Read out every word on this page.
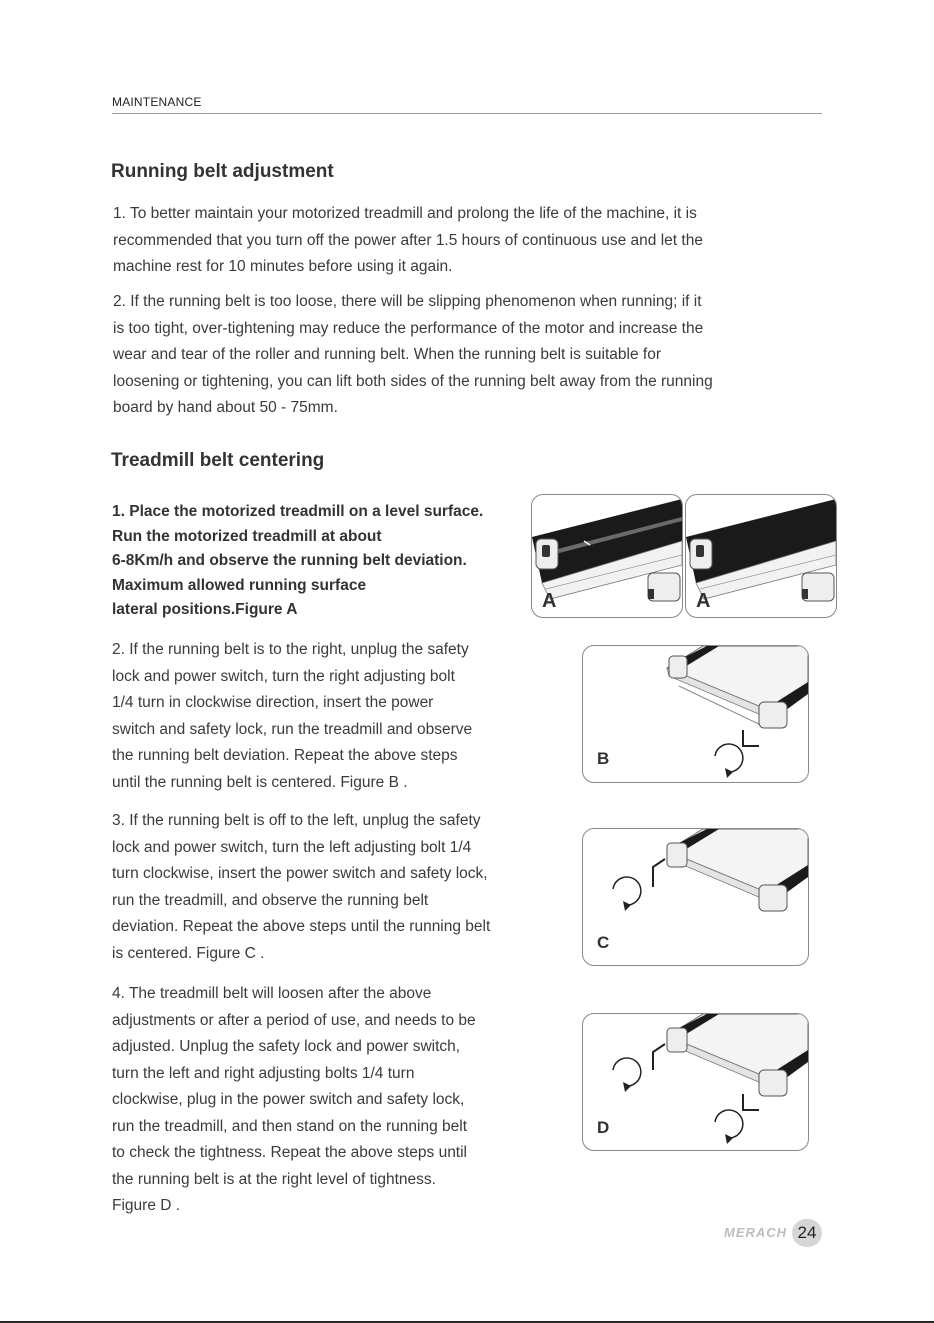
MAINTENANCE
Running belt adjustment
1. To better maintain your motorized treadmill and prolong the life of the machine, it is
recommended that you turn off the power after 1.5 hours of continuous use and let the
machine rest for 10 minutes before using it again.
2. If the running belt is too loose, there will be slipping phenomenon when running; if it
is too tight, over-tightening may reduce the performance of the motor and increase the
wear and tear of the roller and running belt. When the running belt is suitable for
loosening or tightening, you can lift both sides of the running belt away from the running
board by hand about 50 - 75mm.
Treadmill belt centering
1. Place the motorized treadmill on a level surface.
Run the motorized treadmill at about
6-8Km/h and observe the running belt deviation.
Maximum allowed running surface
lateral positions.Figure A
2. If the running belt is to the right, unplug the safety
lock and power switch, turn the right adjusting bolt
1/4 turn in clockwise direction, insert the power
switch and safety lock, run the treadmill and observe
the running belt deviation. Repeat the above steps
until the running belt is centered. Figure B .
3. If the running belt is off to the left, unplug the safety
lock and power switch, turn the left adjusting bolt 1/4
turn clockwise, insert the power switch and safety lock,
run the treadmill, and observe the running belt
deviation. Repeat the above steps until the running belt
is centered. Figure C .
4. The treadmill belt will loosen after the above
adjustments or after a period of use, and needs to be
adjusted. Unplug the safety lock and power switch,
turn the left and right adjusting bolts 1/4 turn
clockwise, plug in the power switch and safety lock,
run the treadmill, and then stand on the running belt
to check the tightness. Repeat the above steps until
the running belt is at the right level of tightness.
Figure D .
A	A
B
C
D
MERACH 24
